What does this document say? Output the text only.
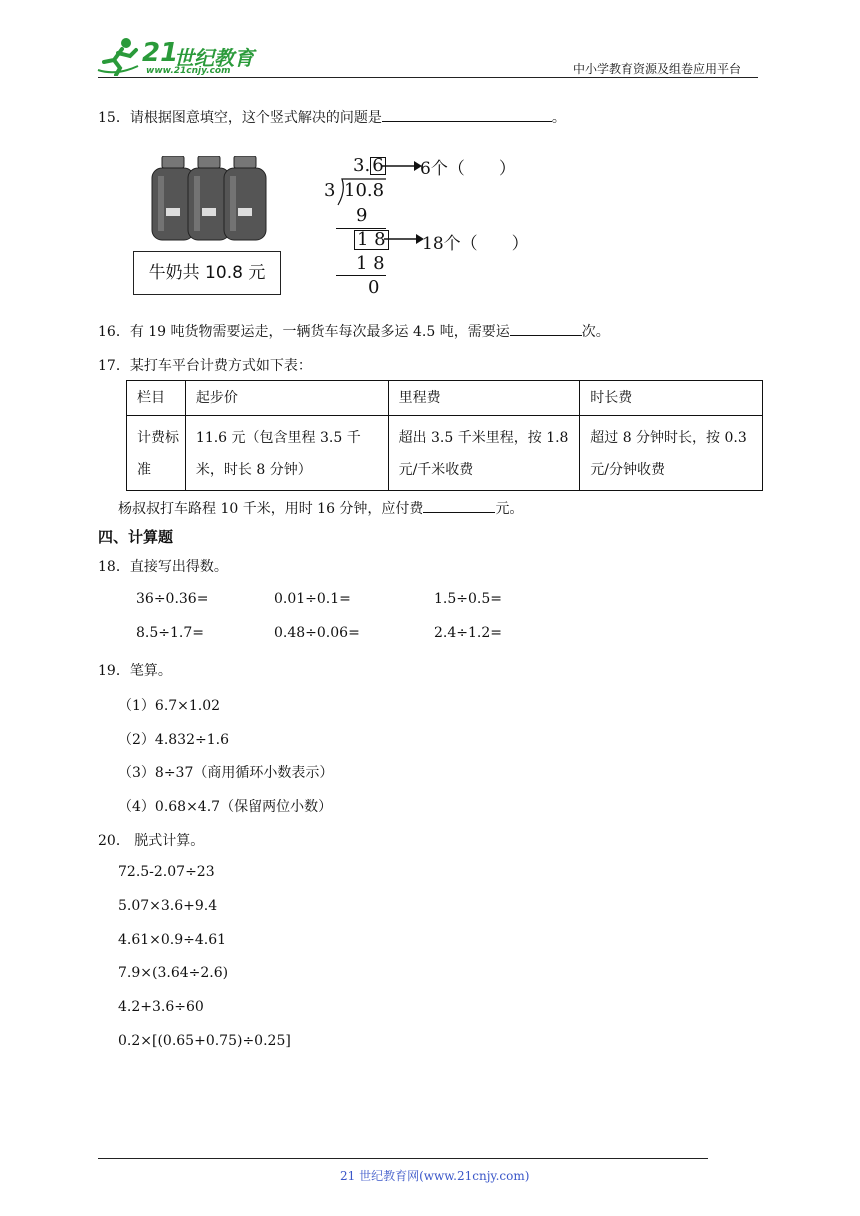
21
世纪教育
www.21cnjy.com	中小学教育资源及组卷应用平台
15．请根据图意填空，这个竖式解决的问题是	。
牛奶共 10.8 元
3. 6 6个（　　）
3 10.8
9
1 8 18个（　　）
1 8
0
16．有 19 吨货物需要运走，一辆货车每次最多运 4.5 吨，需要运	次。
17．某打车平台计费方式如下表：
栏目	起步价	里程费	时长费
计费标准	11.6 元（包含里程 3.5 千米，时长 8 分钟）	超出 3.5 千米里程，按 1.8 元/千米收费	超过 8 分钟时长，按 0.3 元/分钟收费
杨叔叔打车路程 10 千米，用时 16 分钟，应付费	元。
四、计算题
18．直接写出得数。
36÷0.36=	0.01÷0.1=	1.5÷0.5=
8.5÷1.7=	0.48÷0.06=	2.4÷1.2=
19．笔算。
（1）6.7×1.02
（2）4.832÷1.6
（3）8÷37（商用循环小数表示）
（4）0.68×4.7（保留两位小数）
20． 脱式计算。
72.5-2.07÷23
5.07×3.6+9.4
4.61×0.9÷4.61
7.9×(3.64÷2.6)
4.2+3.6÷60
0.2×[(0.65+0.75)÷0.25]
21 世纪教育网(www.21cnjy.com)
